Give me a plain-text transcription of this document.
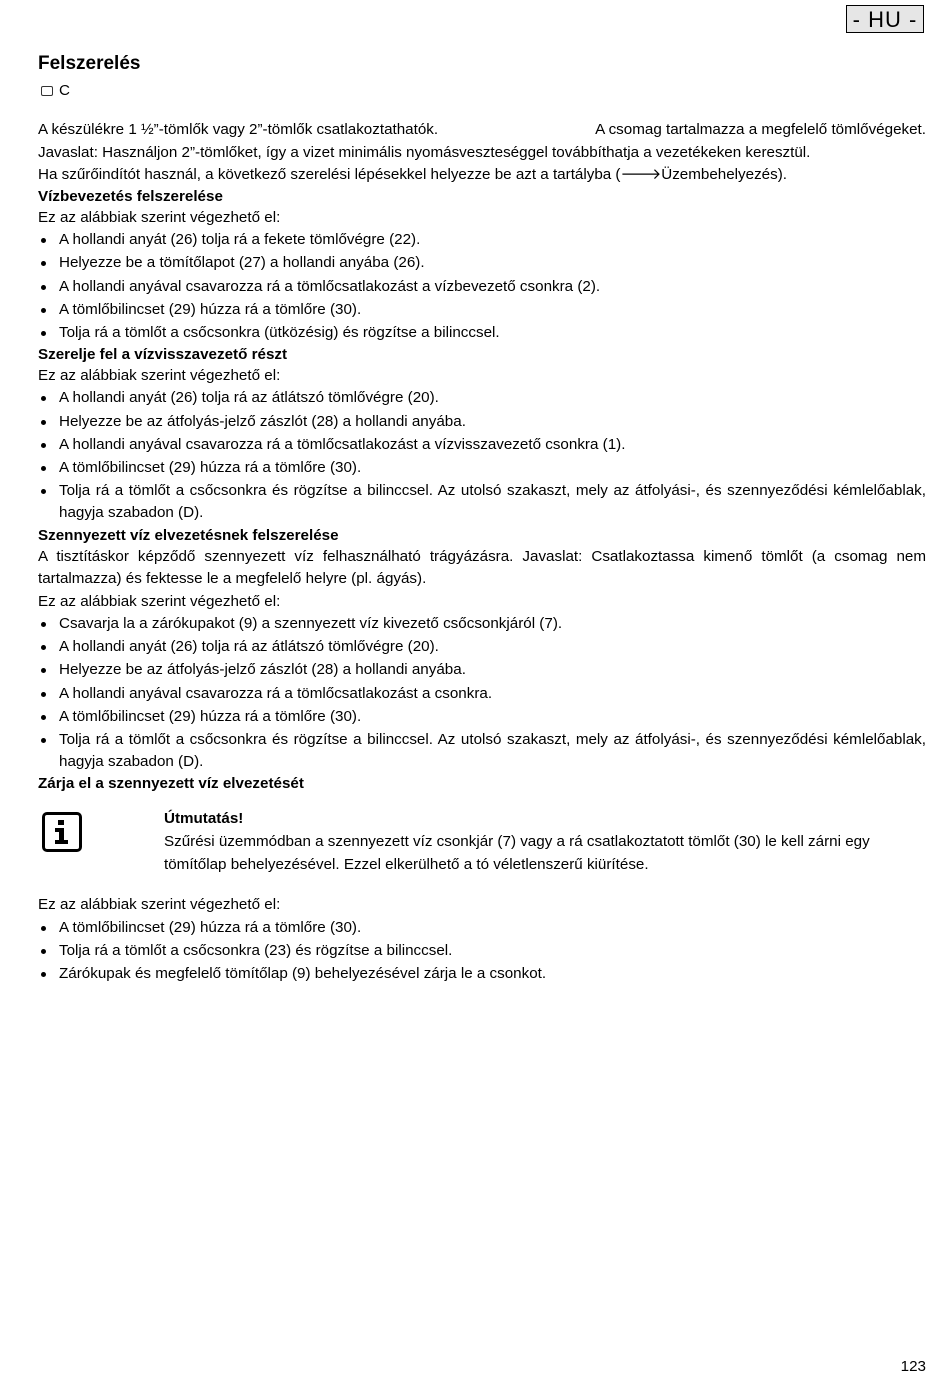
- HU -
Felszerelés
C

A készülékre 1 ½”-tömlők vagy 2”-tömlők csatlakoztathatók.	A csomag tartalmazza a megfelelő tömlővégeket.

Javaslat: Használjon 2”-tömlőket, így a vizet minimális nyomásveszteséggel továbbíthatja a vezetékeken keresztül.

Ha szűrőindítót használ, a következő szerelési lépésekkel helyezze be azt a tartályba (🡒Üzembehelyezés).

Vízbevezetés felszerelése

Ez az alábbiak szerint végezhető el:

A hollandi anyát (26) tolja rá a fekete tömlővégre (22).
Helyezze be a tömítőlapot (27) a hollandi anyába (26).
A hollandi anyával csavarozza rá a tömlőcsatlakozást a vízbevezető csonkra (2).
A tömlőbilincset (29) húzza rá a tömlőre (30).
Tolja rá a tömlőt a csőcsonkra (ütközésig) és rögzítse a bilinccsel.
Szerelje fel a vízvisszavezető részt

Ez az alábbiak szerint végezhető el:

A hollandi anyát (26) tolja rá az átlátszó tömlővégre (20).
Helyezze be az átfolyás-jelző zászlót (28) a hollandi anyába.
A hollandi anyával csavarozza rá a tömlőcsatlakozást a vízvisszavezető csonkra (1).
A tömlőbilincset (29) húzza rá a tömlőre (30).
Tolja rá a tömlőt a csőcsonkra és rögzítse a bilinccsel. Az utolsó szakaszt, mely az átfolyási-, és szennyeződési kémlelőablak, hagyja szabadon (D).
Szennyezett víz elvezetésnek felszerelése

A tisztításkor képződő szennyezett víz felhasználható trágyázásra. Javaslat: Csatlakoztassa kimenő tömlőt (a csomag nem tartalmazza) és fektesse le a megfelelő helyre (pl. ágyás).

Ez az alábbiak szerint végezhető el:

Csavarja la a zárókupakot (9) a szennyezett víz kivezető csőcsonkjáról (7).
A hollandi anyát (26) tolja rá az átlátszó tömlővégre (20).
Helyezze be az átfolyás-jelző zászlót (28) a hollandi anyába.
A hollandi anyával csavarozza rá a tömlőcsatlakozást a csonkra.
A tömlőbilincset (29) húzza rá a tömlőre (30).
Tolja rá a tömlőt a csőcsonkra és rögzítse a bilinccsel. Az utolsó szakaszt, mely az átfolyási-, és szennyeződési kémlelőablak, hagyja szabadon (D).
Zárja el a szennyezett víz elvezetését

Útmutatás!

Szűrési üzemmódban a szennyezett víz csonkjár (7) vagy a rá csatlakoztatott tömlőt (30) le kell zárni egy tömítőlap behelyezésével. Ezzel elkerülhető a tó véletlenszerű kiürítése.

Ez az alábbiak szerint végezhető el:

A tömlőbilincset (29) húzza rá a tömlőre (30).
Tolja rá a tömlőt a csőcsonkra (23) és rögzítse a bilinccsel.
Zárókupak és megfelelő tömítőlap (9) behelyezésével zárja le a csonkot.
123
